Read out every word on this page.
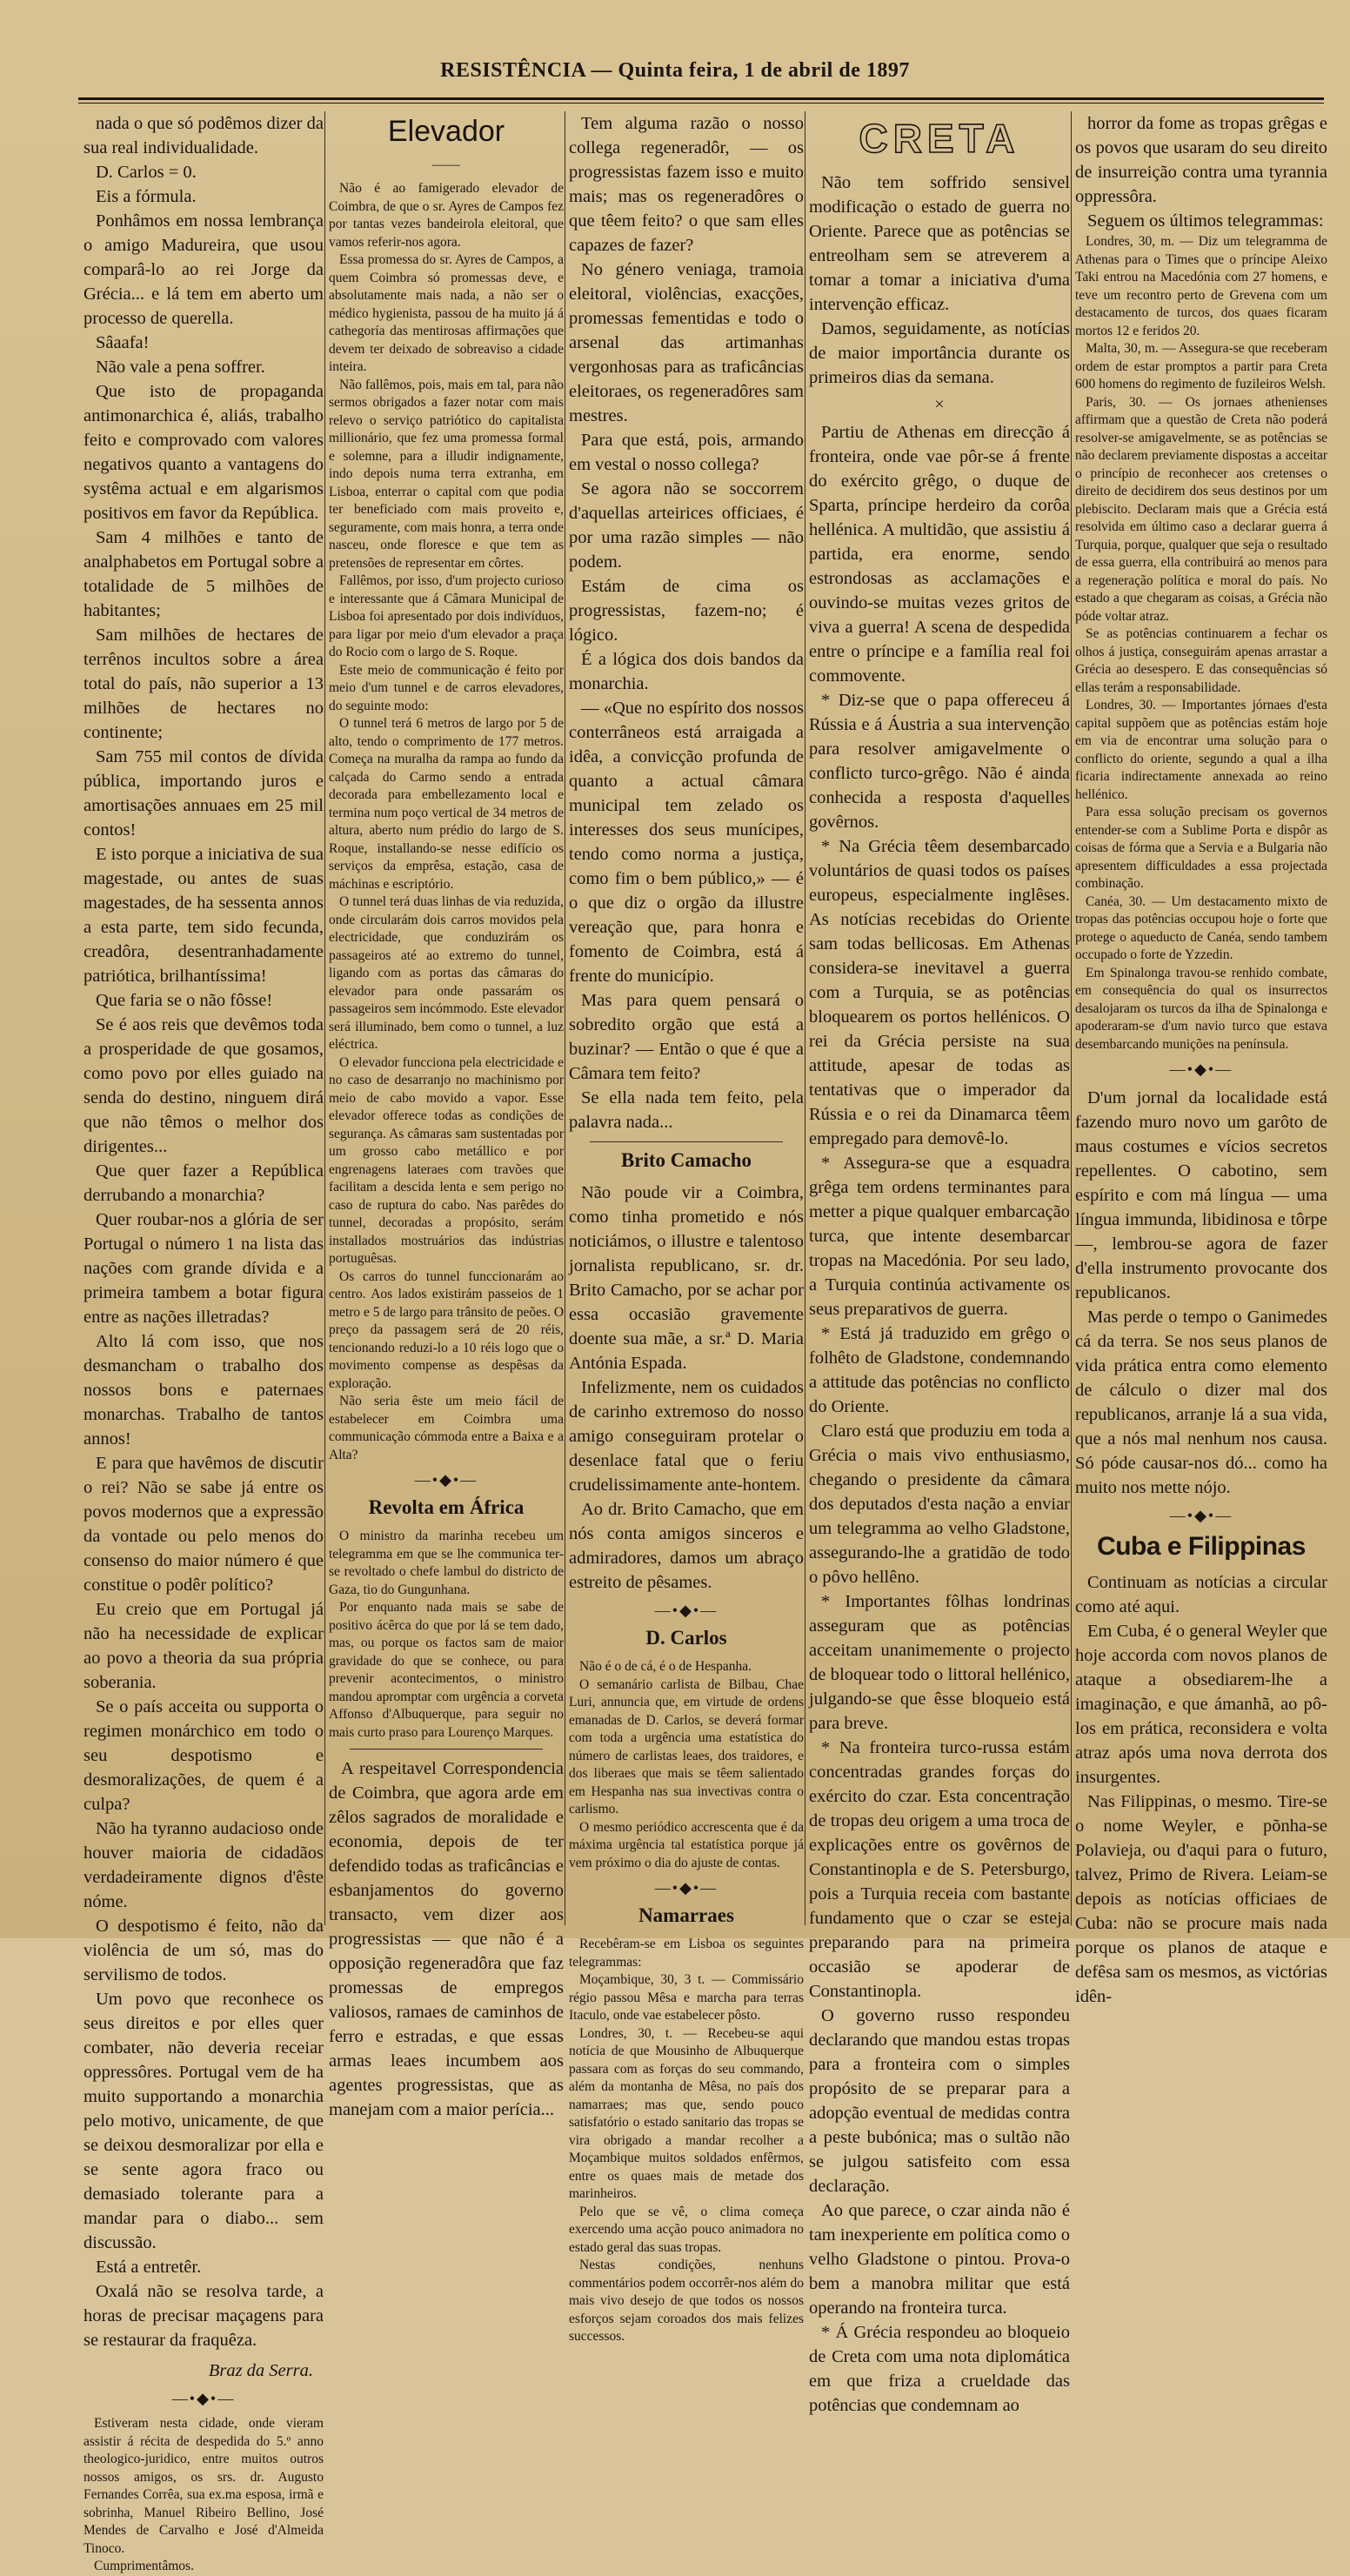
RESISTÊNCIA — Quinta feira, 1 de abril de 1897

nada o que só podêmos dizer da sua real individualidade.

D. Carlos = 0.

Eis a fórmula.

Ponhâmos em nossa lembrança o amigo Madureira, que usou comparâ-lo ao rei Jorge da Grécia... e lá tem em aberto um processo de querella.

Sâaafa!

Não vale a pena soffrer.

Que isto de propaganda antimonarchica é, aliás, trabalho feito e comprovado com valores negativos quanto a vantagens do systêma actual e em algarismos positivos em favor da República.

Sam 4 milhões e tanto de analphabetos em Portugal sobre a totalidade de 5 milhões de habitantes;

Sam milhões de hectares de terrênos incultos sobre a área total do país, não superior a 13 milhões de hectares no continente;

Sam 755 mil contos de dívida pública, importando juros e amortisações annuaes em 25 mil contos!

E isto porque a iniciativa de sua magestade, ou antes de suas magestades, de ha sessenta annos a esta parte, tem sido fecunda, creadôra, desentranhadamente patriótica, brilhantíssima!

Que faria se o não fôsse!

Se é aos reis que devêmos toda a prosperidade de que gosamos, como povo por elles guiado na senda do destino, ninguem dirá que não têmos o melhor dos dirigentes...

Que quer fazer a República derrubando a monarchia?

Quer roubar-nos a glória de ser Portugal o número 1 na lista das nações com grande dívida e a primeira tambem a botar figura entre as nações illetradas?

Alto lá com isso, que nos desmancham o trabalho dos nossos bons e paternaes monarchas. Trabalho de tantos annos!

E para que havêmos de discutir o rei? Não se sabe já entre os povos modernos que a expressão da vontade ou pelo menos do consenso do maior número é que constitue o podêr político?

Eu creio que em Portugal já não ha necessidade de explicar ao povo a theoria da sua própria soberania.

Se o país acceita ou supporta o regimen monárchico em todo o seu despotismo e desmoralizações, de quem é a culpa?

Não ha tyranno audacioso onde houver maioria de cidadãos verdadeiramente dignos d'êste nóme.

O despotismo é feito, não da violência de um só, mas do servilismo de todos.

Um povo que reconhece os seus direitos e por elles quer combater, não deveria receiar oppressôres. Portugal vem de ha muito supportando a monarchia pelo motivo, unicamente, de que se deixou desmoralizar por ella e se sente agora fraco ou demasiado tolerante para a mandar para o diabo... sem discussão.

Está a entretêr.

Oxalá não se resolva tarde, a horas de precisar maçagens para se restaurar da fraquêza.

Braz da Serra.
—•◆•—

Estiveram nesta cidade, onde vieram assistir á récita de despedida do 5.º anno theologico-juridico, entre muitos outros nossos amigos, os srs. dr. Augusto Fernandes Corrêa, sua ex.ma esposa, irmã e sobrinha, Manuel Ribeiro Bellino, José Mendes de Carvalho e José d'Almeida Tinoco.

Cumprimentâmos.

Elevador
——

Não é ao famigerado elevador de Coimbra, de que o sr. Ayres de Campos fez por tantas vezes bandeirola eleitoral, que vamos referir-nos agora.

Essa promessa do sr. Ayres de Campos, a quem Coimbra só promessas deve, e absolutamente mais nada, a não ser o médico hygienista, passou de ha muito já á cathegoría das mentirosas affirmações que devem ter deixado de sobreaviso a cidade inteira.

Não fallêmos, pois, mais em tal, para não sermos obrigados a fazer notar com mais relevo o serviço patriótico do capitalista millionário, que fez uma promessa formal e solemne, para a illudir indignamente, indo depois numa terra extranha, em Lisboa, enterrar o capital com que podia ter beneficiado com mais proveito e, seguramente, com mais honra, a terra onde nasceu, onde floresce e que tem as pretensões de representar em côrtes.

Fallêmos, por isso, d'um projecto curioso e interessante que á Câmara Municipal de Lisboa foi apresentado por dois indivíduos, para ligar por meio d'um elevador a praça do Rocio com o largo de S. Roque.

Este meio de communicação é feito por meio d'um tunnel e de carros elevadores, do seguinte modo:

O tunnel terá 6 metros de largo por 5 de alto, tendo o comprimento de 177 metros. Começa na muralha da rampa ao fundo da calçada do Carmo sendo a entrada decorada para embellezamento local e termina num poço vertical de 34 metros de altura, aberto num prédio do largo de S. Roque, installando-se nesse edifício os serviços da emprêsa, estação, casa de máchinas e escriptório.

O tunnel terá duas linhas de via reduzida, onde circularám dois carros movidos pela electricidade, que conduzirám os passageiros até ao extremo do tunnel, ligando com as portas das câmaras do elevador para onde passarám os passageiros sem incómmodo. Este elevador será illuminado, bem como o tunnel, a luz eléctrica.

O elevador funcciona pela electricidade e no caso de desarranjo no machinismo por meio de cabo movido a vapor. Esse elevador offerece todas as condições de segurança. As câmaras sam sustentadas por um grosso cabo metállico e por engrenagens lateraes com travões que facilitam a descida lenta e sem perigo no caso de ruptura do cabo. Nas parêdes do tunnel, decoradas a propósito, serám installados mostruários das indústrias portuguêsas.

Os carros do tunnel funccionarám ao centro. Aos lados existirám passeios de 1 metro e 5 de largo para trânsito de peões. O preço da passagem será de 20 réis, tencionando reduzi-lo a 10 réis logo que o movimento compense as despêsas da exploração.

Não seria êste um meio fácil de estabelecer em Coimbra uma communicação cómmoda entre a Baixa e a Alta?

—•◆•—
Revolta em África

O ministro da marinha recebeu um telegramma em que se lhe communica ter-se revoltado o chefe lambul do districto de Gaza, tio do Gungunhana.

Por enquanto nada mais se sabe de positivo ácêrca do que por lá se tem dado, mas, ou porque os factos sam de maior gravidade do que se conhece, ou para prevenir acontecimentos, o ministro mandou apromptar com urgência a corveta Affonso d'Albuquerque, para seguir no mais curto praso para Lourenço Marques.

A respeitavel Correspondencia de Coimbra, que agora arde em zêlos sagrados de moralidade e economia, depois de ter defendido todas as traficâncias e esbanjamentos do governo transacto, vem dizer aos progressistas — que não é a opposição regeneradôra que faz promessas de empregos valiosos, ramaes de caminhos de ferro e estradas, e que essas armas leaes incumbem aos agentes progressistas, que as manejam com a maior perícia...

Tem alguma razão o nosso collega regeneradôr, — os progressistas fazem isso e muito mais; mas os regeneradôres o que têem feito? o que sam elles capazes de fazer?

No género veniaga, tramoia eleitoral, violências, exacções, promessas fementidas e todo o arsenal das artimanhas vergonhosas para as traficâncias eleitoraes, os regeneradôres sam mestres.

Para que está, pois, armando em vestal o nosso collega?

Se agora não se soccorrem d'aquellas arteirices officiaes, é por uma razão simples — não podem.

Estám de cima os progressistas, fazem-no; é lógico.

É a lógica dos dois bandos da monarchia.

— «Que no espírito dos nossos conterrâneos está arraigada a idêa, a convicção profunda de quanto a actual câmara municipal tem zelado os interesses dos seus munícipes, tendo como norma a justiça, como fim o bem público,» — é o que diz o orgão da illustre vereação que, para honra e fomento de Coimbra, está á frente do município.

Mas para quem pensará o sobredito orgão que está a buzinar? — Então o que é que a Câmara tem feito?

Se ella nada tem feito, pela palavra nada...

Brito Camacho

Não poude vir a Coimbra, como tinha prometido e nós noticiámos, o illustre e talentoso jornalista republicano, sr. dr. Brito Camacho, por se achar por essa occasião gravemente doente sua mãe, a sr.ª D. Maria Antónia Espada.

Infelizmente, nem os cuidados de carinho extremoso do nosso amigo conseguiram protelar o desenlace fatal que o feriu crudelissimamente ante-hontem.

Ao dr. Brito Camacho, que em nós conta amigos sinceros e admiradores, damos um abraço estreito de pêsames.

—•◆•—
D. Carlos

Não é o de cá, é o de Hespanha.

O semanário carlista de Bilbau, Chae Luri, annuncia que, em virtude de ordens emanadas de D. Carlos, se deverá formar com toda a urgência uma estatística do número de carlistas leaes, dos traidores, e dos liberaes que mais se têem salientado em Hespanha nas sua invectivas contra o carlismo.

O mesmo periódico accrescenta que é da máxima urgência tal estatística porque já vem próximo o dia do ajuste de contas.

—•◆•—
Namarraes

Recebêram-se em Lisboa os seguintes telegrammas:

Moçambique, 30, 3 t. — Commissário régio passou Mêsa e marcha para terras Itaculo, onde vae estabelecer pôsto.

Londres, 30, t. — Recebeu-se aqui notícia de que Mousinho de Albuquerque passara com as forças do seu commando, além da montanha de Mêsa, no país dos namarraes; mas que, sendo pouco satisfatório o estado sanitario das tropas se vira obrigado a mandar recolher a Moçambique muitos soldados enfêrmos, entre os quaes mais de metade dos marinheiros.

Pelo que se vê, o clima começa exercendo uma acção pouco animadora no estado geral das suas tropas.

Nestas condições, nenhuns commentários podem occorrêr-nos além do mais vivo desejo de que todos os nossos esforços sejam coroados dos mais felizes successos.

CRETA

Não tem soffrido sensivel modificação o estado de guerra no Oriente. Parece que as potências se entreolham sem se atreverem a tomar a tomar a iniciativa d'uma intervenção efficaz.

Damos, seguidamente, as notícias de maior importância durante os primeiros dias da semana.

×

Partiu de Athenas em direcção á fronteira, onde vae pôr-se á frente do exército grêgo, o duque de Sparta, príncipe herdeiro da corôa hellénica. A multidão, que assistiu á partida, era enorme, sendo estrondosas as acclamações e ouvindo-se muitas vezes gritos de viva a guerra! A scena de despedida entre o príncipe e a família real foi commovente.

* Diz-se que o papa offereceu á Rússia e á Áustria a sua intervenção para resolver amigavelmente o conflicto turco-grêgo. Não é ainda conhecida a resposta d'aquelles govêrnos.

* Na Grécia têem desembarcado voluntários de quasi todos os países europeus, especialmente inglêses. As notícias recebidas do Oriente sam todas bellicosas. Em Athenas considera-se inevitavel a guerra com a Turquia, se as potências bloquearem os portos hellénicos. O rei da Grécia persiste na sua attitude, apesar de todas as tentativas que o imperador da Rússia e o rei da Dinamarca têem empregado para demovê-lo.

* Assegura-se que a esquadra grêga tem ordens terminantes para metter a pique qualquer embarcação turca, que intente desembarcar tropas na Macedónia. Por seu lado, a Turquia continúa activamente os seus preparativos de guerra.

* Está já traduzido em grêgo o folhêto de Gladstone, condemnando a attitude das potências no conflicto do Oriente.

Claro está que produziu em toda a Grécia o mais vivo enthusiasmo, chegando o presidente da câmara dos deputados d'esta nação a enviar um telegramma ao velho Gladstone, assegurando-lhe a gratidão de todo o pôvo hellêno.

* Importantes fôlhas londrinas asseguram que as potências acceitam unanimemente o projecto de bloquear todo o littoral hellénico, julgando-se que êsse bloqueio está para breve.

* Na fronteira turco-russa estám concentradas grandes forças do exército do czar. Esta concentração de tropas deu origem a uma troca de explicações entre os govêrnos de Constantinopla e de S. Petersburgo, pois a Turquia receia com bastante fundamento que o czar se esteja preparando para na primeira occasião se apoderar de Constantinopla.

O governo russo respondeu declarando que mandou estas tropas para a fronteira com o simples propósito de se preparar para a adopção eventual de medidas contra a peste bubónica; mas o sultão não se julgou satisfeito com essa declaração.

Ao que parece, o czar ainda não é tam inexperiente em política como o velho Gladstone o pintou. Prova-o bem a manobra militar que está operando na fronteira turca.

* Á Grécia respondeu ao bloqueio de Creta com uma nota diplomática em que friza a crueldade das potências que condemnam ao

horror da fome as tropas grêgas e os povos que usaram do seu direito de insurreição contra uma tyrannia oppressôra.

Seguem os últimos telegrammas:

Londres, 30, m. — Diz um telegramma de Athenas para o Times que o príncipe Aleixo Taki entrou na Macedónia com 27 homens, e teve um recontro perto de Grevena com um destacamento de turcos, dos quaes ficaram mortos 12 e feridos 20.

Malta, 30, m. — Assegura-se que receberam ordem de estar promptos a partir para Creta 600 homens do regimento de fuzileiros Welsh.

Paris, 30. — Os jornaes athenienses affirmam que a questão de Creta não poderá resolver-se amigavelmente, se as potências se não declarem previamente dispostas a acceitar o princípio de reconhecer aos cretenses o direito de decidirem dos seus destinos por um plebiscito. Declaram mais que a Grécia está resolvida em último caso a declarar guerra á Turquia, porque, qualquer que seja o resultado de essa guerra, ella contribuirá ao menos para a regeneração política e moral do país. No estado a que chegaram as coisas, a Grécia não póde voltar atraz.

Se as potências continuarem a fechar os olhos á justiça, conseguirám apenas arrastar a Grécia ao desespero. E das consequências só ellas terám a responsabilidade.

Londres, 30. — Importantes jórnaes d'esta capital suppõem que as potências estám hoje em via de encontrar uma solução para o conflicto do oriente, segundo a qual a ilha ficaria indirectamente annexada ao reino hellénico.

Para essa solução precisam os governos entender-se com a Sublime Porta e dispôr as coisas de fórma que a Servia e a Bulgaria não apresentem difficuldades a essa projectada combinação.

Canéa, 30. — Um destacamento mixto de tropas das potências occupou hoje o forte que protege o aqueducto de Canéa, sendo tambem occupado o forte de Yzzedin.

Em Spinalonga travou-se renhido combate, em consequência do qual os insurrectos desalojaram os turcos da ilha de Spinalonga e apoderaram-se d'um navio turco que estava desembarcando munições na península.

—•◆•—

D'um jornal da localidade está fazendo muro novo um garôto de maus costumes e vícios secretos repellentes. O cabotino, sem espírito e com má língua — uma língua immunda, libidinosa e tôrpe —, lembrou-se agora de fazer d'ella instrumento provocante dos republicanos.

Mas perde o tempo o Ganimedes cá da terra. Se nos seus planos de vida prática entra como elemento de cálculo o dizer mal dos republicanos, arranje lá a sua vida, que a nós mal nenhum nos causa. Só póde causar-nos dó... como ha muito nos mette nójo.

—•◆•—
Cuba e Filippinas

Continuam as notícias a circular como até aqui.

Em Cuba, é o general Weyler que hoje accorda com novos planos de ataque a obsediarem-lhe a imaginação, e que ámanhã, ao pô-los em prática, reconsidera e volta atraz após uma nova derrota dos insurgentes.

Nas Filippinas, o mesmo. Tire-se o nome Weyler, e põnha-se Polavieja, ou d'aqui para o futuro, talvez, Primo de Rivera. Leiam-se depois as notícias officiaes de Cuba: não se procure mais nada porque os planos de ataque e defêsa sam os mesmos, as victórias idên-
